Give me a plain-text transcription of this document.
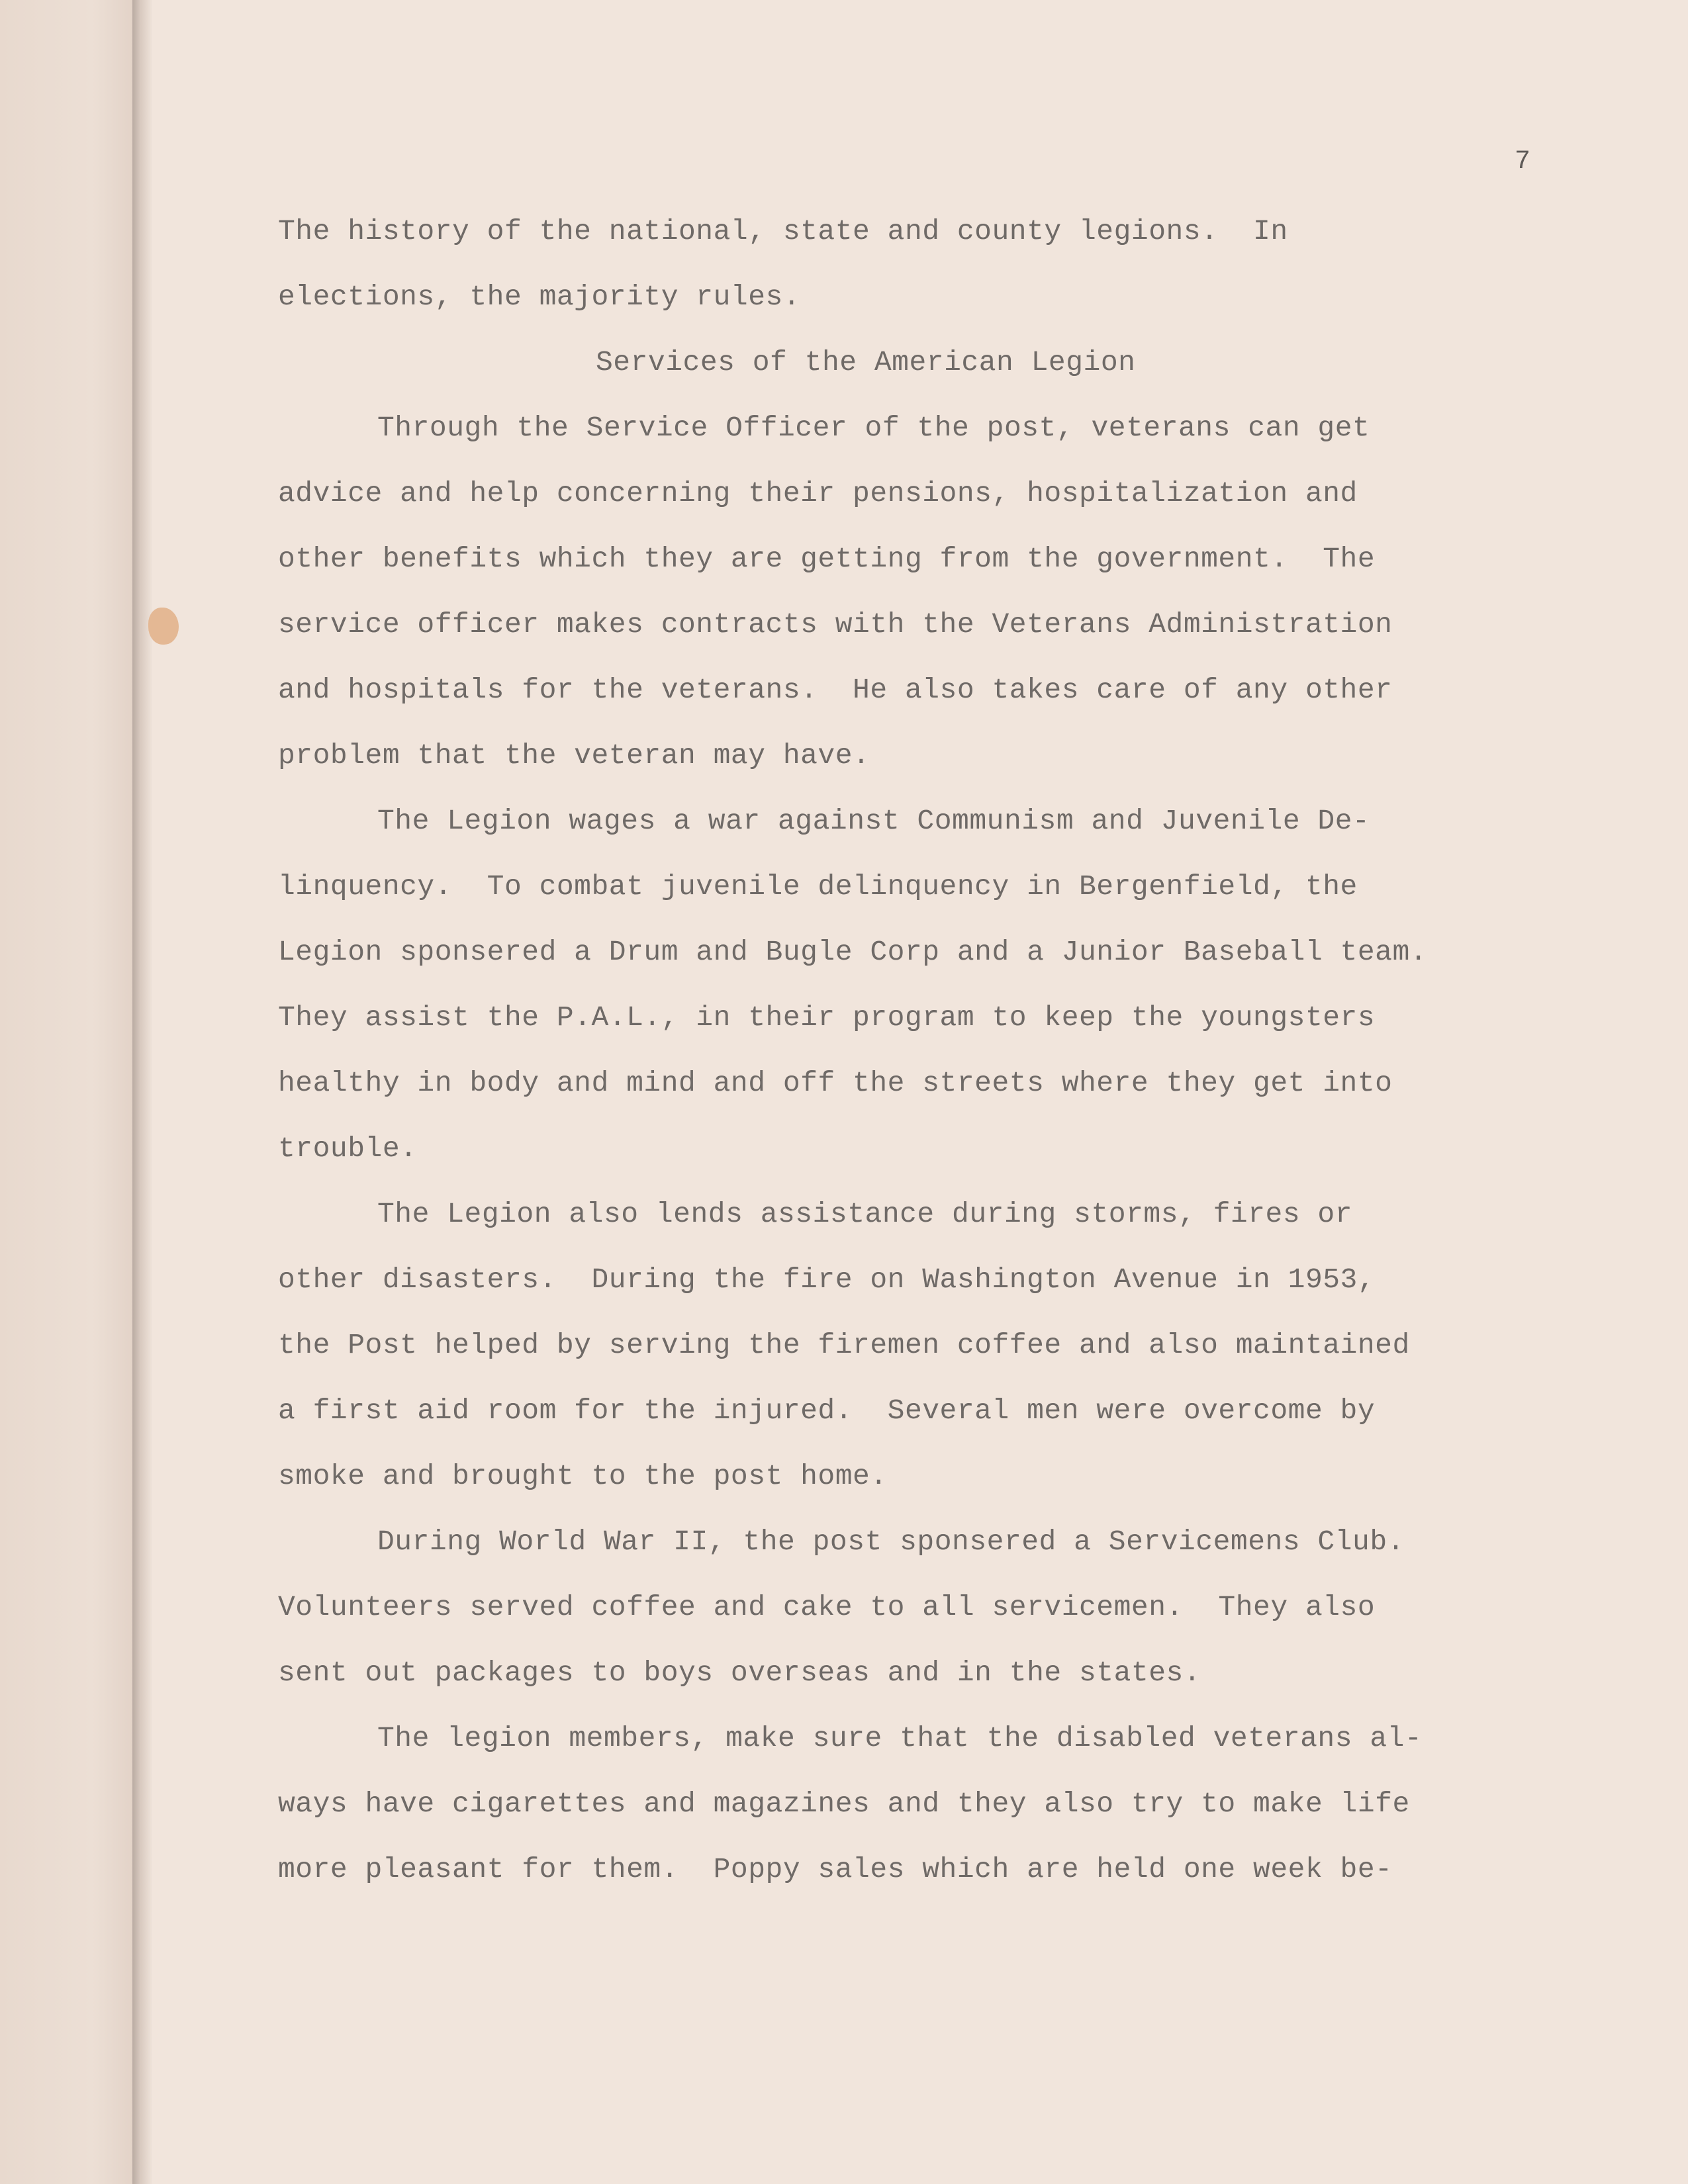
7
The history of the national, state and county legions.  In
elections, the majority rules.
Services of the American Legion
Through the Service Officer of the post, veterans can get
advice and help concerning their pensions, hospitalization and
other benefits which they are getting from the government.  The
service officer makes contracts with the Veterans Administration
and hospitals for the veterans.  He also takes care of any other
problem that the veteran may have.
The Legion wages a war against Communism and Juvenile De-
linquency.  To combat juvenile delinquency in Bergenfield, the
Legion sponsered a Drum and Bugle Corp and a Junior Baseball team.
They assist the P.A.L., in their program to keep the youngsters
healthy in body and mind and off the streets where they get into
trouble.
The Legion also lends assistance during storms, fires or
other disasters.  During the fire on Washington Avenue in 1953,
the Post helped by serving the firemen coffee and also maintained
a first aid room for the injured.  Several men were overcome by
smoke and brought to the post home.
During World War II, the post sponsered a Servicemens Club.
Volunteers served coffee and cake to all servicemen.  They also
sent out packages to boys overseas and in the states.
The legion members, make sure that the disabled veterans al-
ways have cigarettes and magazines and they also try to make life
more pleasant for them.  Poppy sales which are held one week be-
